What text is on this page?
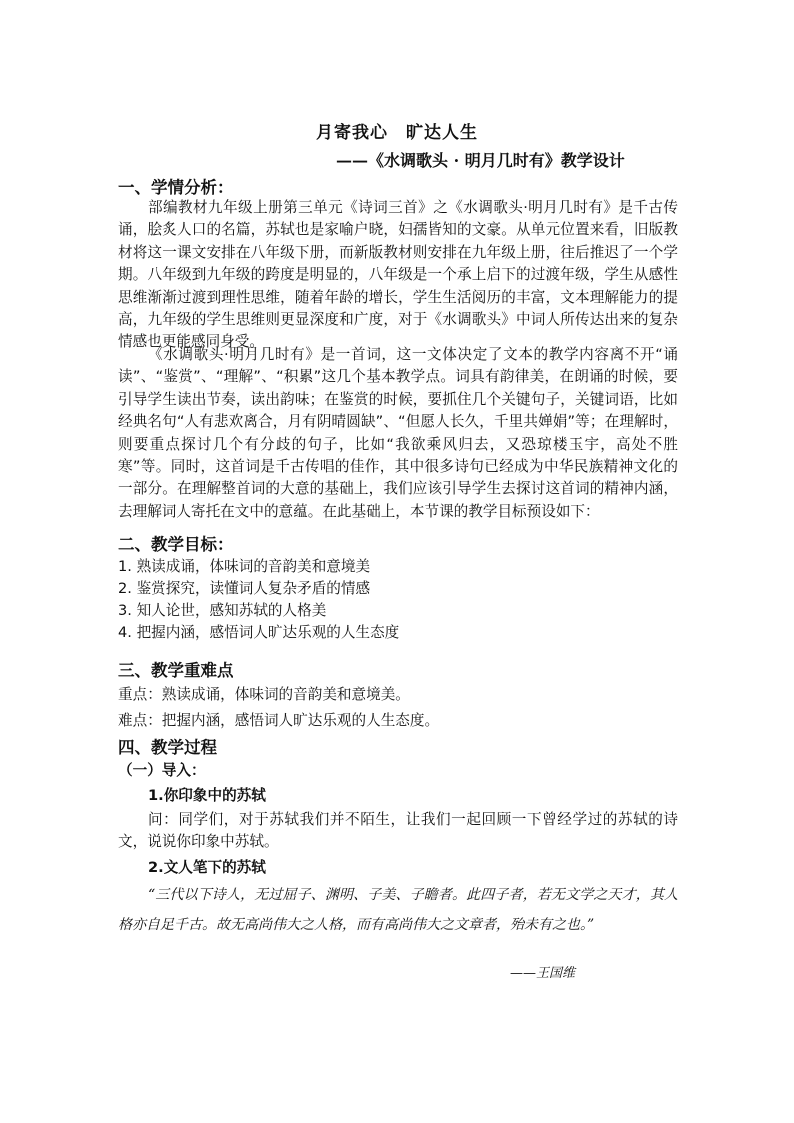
月寄我心　旷达人生
——《水调歌头 · 明月几时有》教学设计
一、学情分析：

部编教材九年级上册第三单元《诗词三首》之《水调歌头·明月几时有》是千古传诵，脍炙人口的名篇，苏轼也是家喻户晓，妇孺皆知的文豪。从单元位置来看，旧版教材将这一课文安排在八年级下册，而新版教材则安排在九年级上册，往后推迟了一个学期。八年级到九年级的跨度是明显的，八年级是一个承上启下的过渡年级，学生从感性思维渐渐过渡到理性思维，随着年龄的增长，学生生活阅历的丰富，文本理解能力的提高，九年级的学生思维则更显深度和广度，对于《水调歌头》中词人所传达出来的复杂情感也更能感同身受。

《水调歌头·明月几时有》是一首词，这一文体决定了文本的教学内容离不开“诵读”、“鉴赏”、“理解”、“积累”这几个基本教学点。词具有韵律美，在朗诵的时候，要引导学生读出节奏，读出韵味；在鉴赏的时候，要抓住几个关键句子，关键词语，比如经典名句“人有悲欢离合，月有阴晴圆缺”、“但愿人长久，千里共婵娟”等；在理解时，则要重点探讨几个有分歧的句子，比如“我欲乘风归去，又恐琼楼玉宇，高处不胜寒”等。同时，这首词是千古传唱的佳作，其中很多诗句已经成为中华民族精神文化的一部分。在理解整首词的大意的基础上，我们应该引导学生去探讨这首词的精神内涵，去理解词人寄托在文中的意蕴。在此基础上，本节课的教学目标预设如下：

二、教学目标：
1. 熟读成诵，体味词的音韵美和意境美
2. 鉴赏探究，读懂词人复杂矛盾的情感
3. 知人论世，感知苏轼的人格美
4. 把握内涵，感悟词人旷达乐观的人生态度
三、教学重难点
重点：熟读成诵，体味词的音韵美和意境美。
难点：把握内涵，感悟词人旷达乐观的人生态度。
四、教学过程
（一）导入：
1.你印象中的苏轼

问：同学们，对于苏轼我们并不陌生，让我们一起回顾一下曾经学过的苏轼的诗文，说说你印象中苏轼。

2.文人笔下的苏轼

“三代以下诗人，无过屈子、渊明、子美、子瞻者。此四子者，若无文学之天才，其人格亦自足千古。故无高尚伟大之人格，而有高尚伟大之文章者，殆未有之也。”

——王国维
